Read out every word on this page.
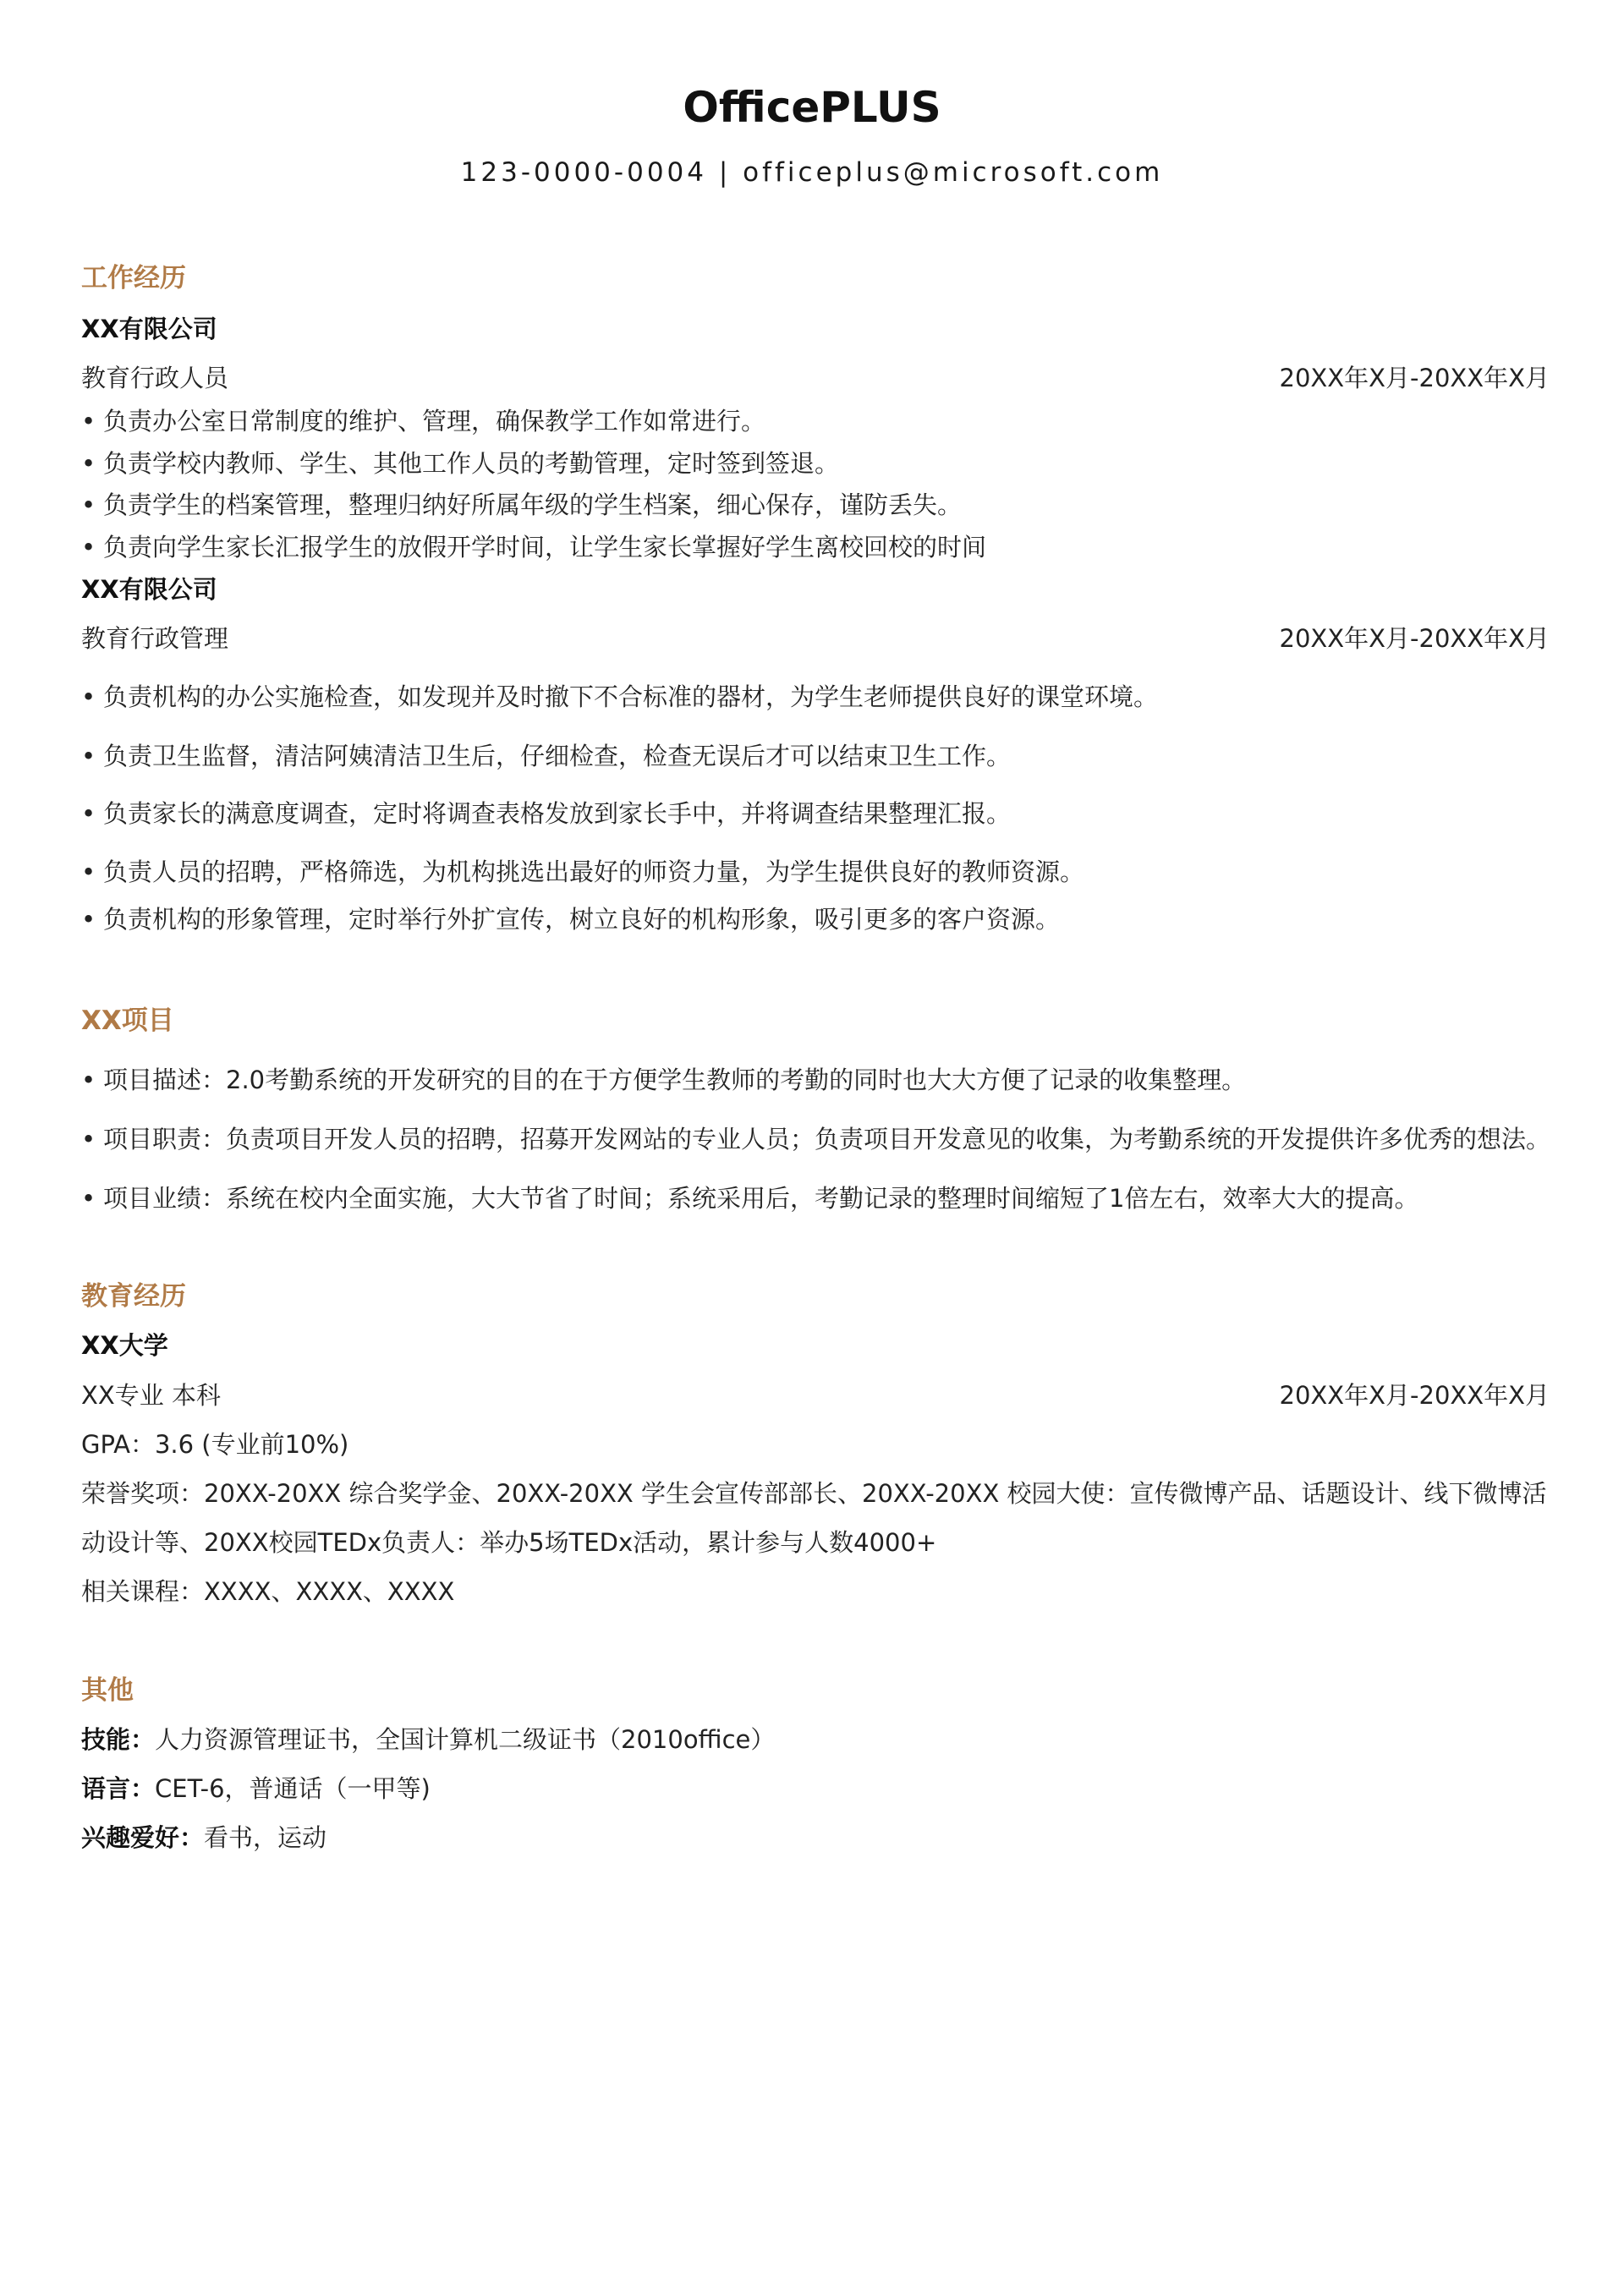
OfficePLUS
123-0000-0004 | officeplus@microsoft.com
工作经历
XX有限公司
教育行政人员	20XX年X月-20XX年X月
• 负责办公室日常制度的维护、管理，确保教学工作如常进行。
• 负责学校内教师、学生、其他工作人员的考勤管理，定时签到签退。
• 负责学生的档案管理，整理归纳好所属年级的学生档案，细心保存，谨防丢失。
• 负责向学生家长汇报学生的放假开学时间，让学生家长掌握好学生离校回校的时间
XX有限公司
教育行政管理	20XX年X月-20XX年X月
• 负责机构的办公实施检查，如发现并及时撤下不合标准的器材，为学生老师提供良好的课堂环境。
• 负责卫生监督，清洁阿姨清洁卫生后，仔细检查，检查无误后才可以结束卫生工作。
• 负责家长的满意度调查，定时将调查表格发放到家长手中，并将调查结果整理汇报。
• 负责人员的招聘，严格筛选，为机构挑选出最好的师资力量，为学生提供良好的教师资源。
• 负责机构的形象管理，定时举行外扩宣传，树立良好的机构形象，吸引更多的客户资源。
XX项目
• 项目描述：2.0考勤系统的开发研究的目的在于方便学生教师的考勤的同时也大大方便了记录的收集整理。
• 项目职责：负责项目开发人员的招聘，招募开发网站的专业人员；负责项目开发意见的收集，为考勤系统的开发提供许多优秀的想法。
• 项目业绩：系统在校内全面实施，大大节省了时间；系统采用后，考勤记录的整理时间缩短了1倍左右，效率大大的提高。
教育经历
XX大学
XX专业 本科	20XX年X月-20XX年X月
GPA：3.6 (专业前10%)
荣誉奖项：20XX-20XX 综合奖学金、20XX-20XX 学生会宣传部部长、20XX-20XX 校园大使：宣传微博产品、话题设计、线下微博活
动设计等、20XX校园TEDx负责人：举办5场TEDx活动，累计参与人数4000+
相关课程：XXXX、XXXX、XXXX
其他
技能：人力资源管理证书，全国计算机二级证书（2010office）
语言：CET-6，普通话（一甲等)
兴趣爱好：看书，运动
